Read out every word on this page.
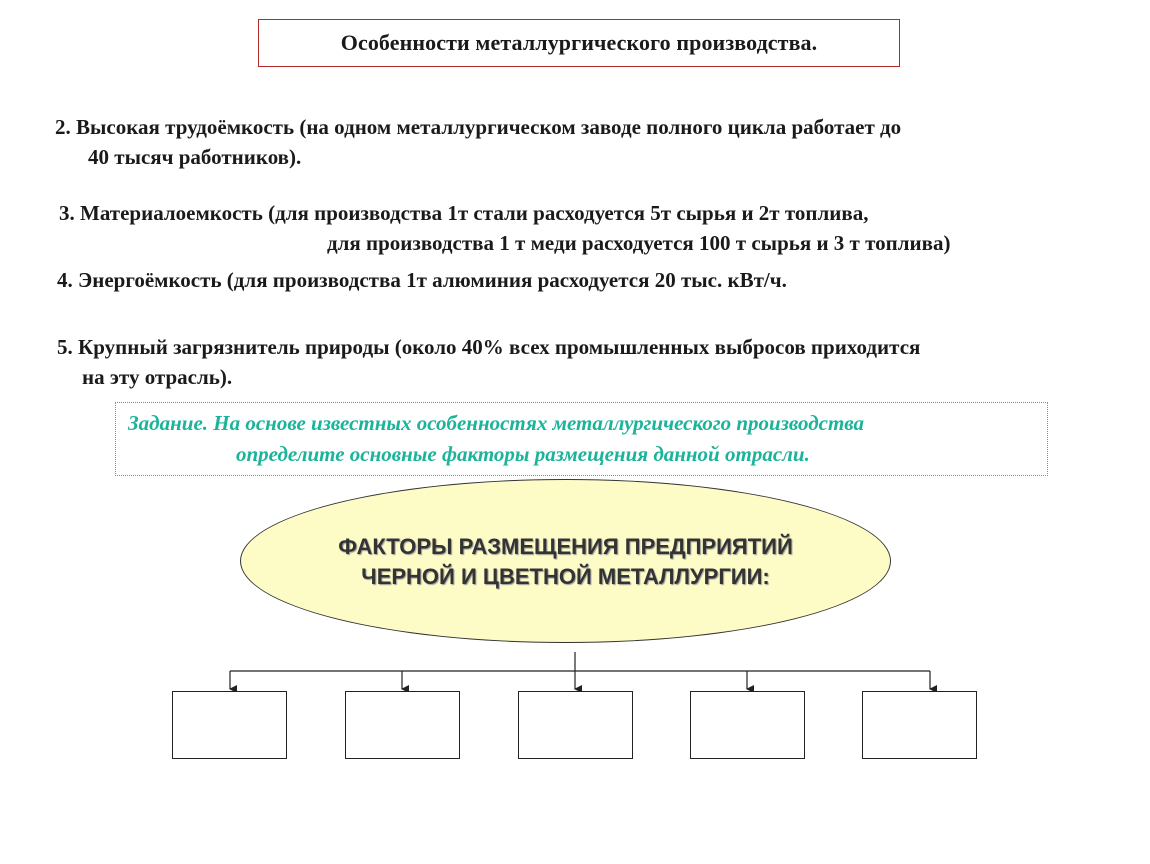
Особенности металлургического производства.
2. Высокая трудоёмкость (на одном металлургическом заводе полного цикла работает до
40 тысяч работников).
3. Материалоемкость (для производства 1т стали расходуется 5т сырья и 2т топлива,
для производства 1 т меди расходуется 100 т сырья и 3 т топлива)
4. Энергоёмкость (для производства 1т алюминия расходуется 20 тыс. кВт/ч.
5. Крупный загрязнитель природы (около 40% всех промышленных выбросов приходится
на эту отрасль).
Задание. На основе известных особенностях металлургического производства
определите основные факторы размещения данной отрасли.
ФАКТОРЫ РАЗМЕЩЕНИЯ ПРЕДПРИЯТИЙ
ЧЕРНОЙ И ЦВЕТНОЙ МЕТАЛЛУРГИИ:
